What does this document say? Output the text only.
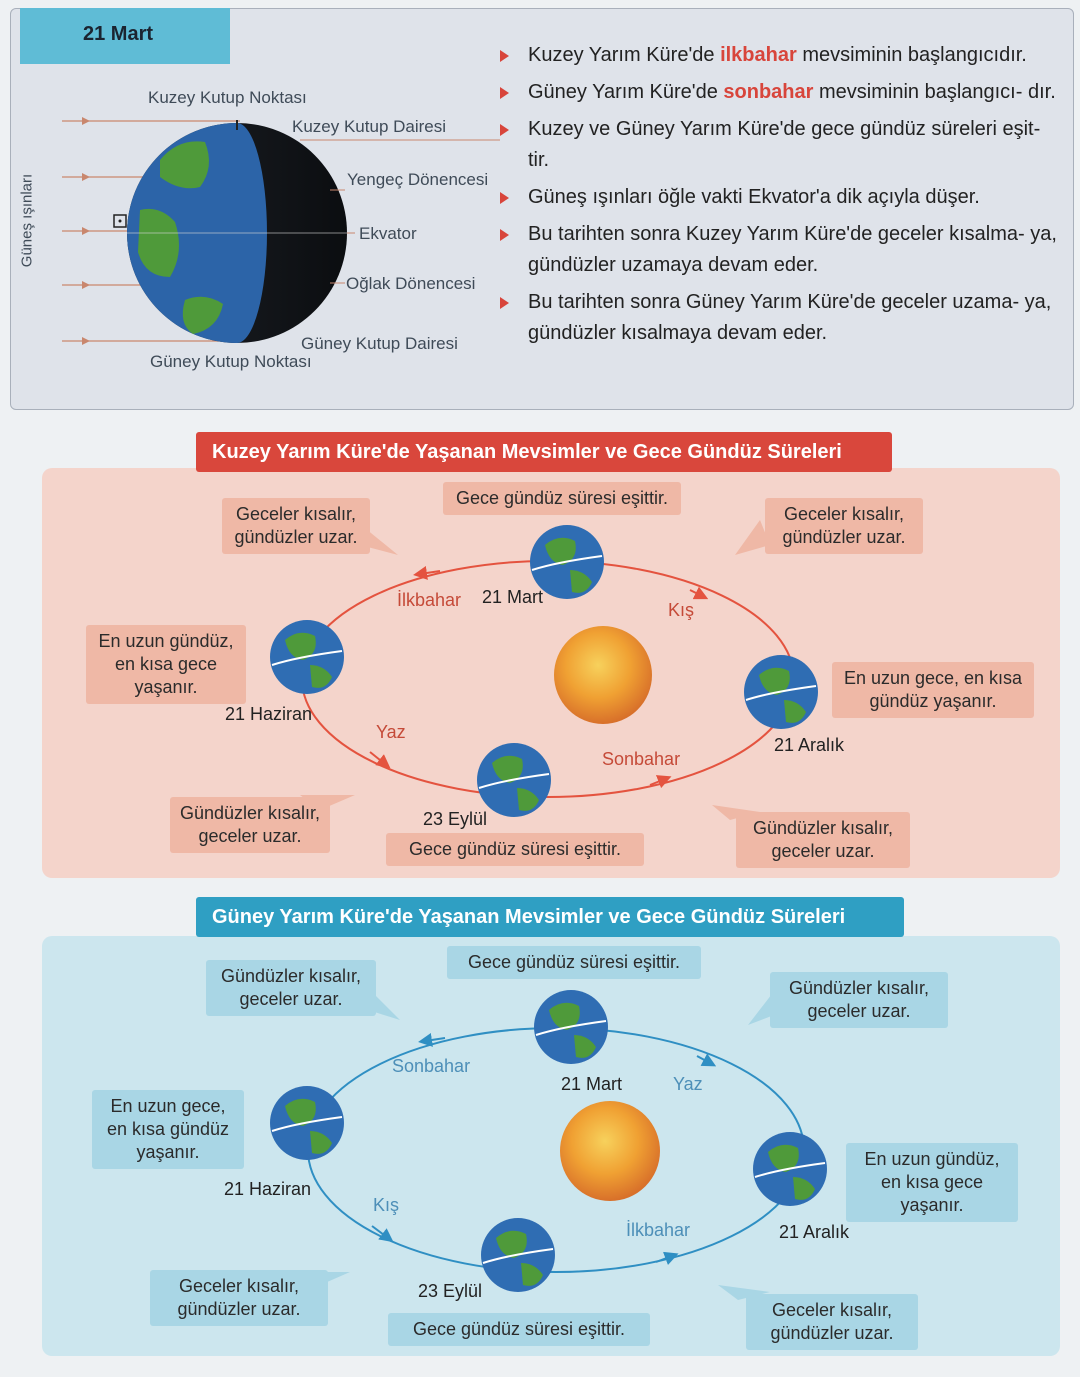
21 Mart
Güneş ışınları
Kuzey Kutup Noktası
Kuzey Kutup Dairesi
Yengeç Dönencesi
Ekvator
Oğlak Dönencesi
Güney Kutup Dairesi
Güney Kutup Noktası
Kuzey Yarım Küre'de ilkbahar mevsiminin başlangıcıdır.
Güney Yarım Küre'de sonbahar mevsiminin başlangıcı- dır.
Kuzey ve Güney Yarım Küre'de gece gündüz süreleri eşit- tir.
Güneş ışınları öğle vakti Ekvator'a dik açıyla düşer.
Bu tarihten sonra Kuzey Yarım Küre'de geceler kısalma- ya, gündüzler uzamaya devam eder.
Bu tarihten sonra Güney Yarım Küre'de geceler uzama- ya, gündüzler kısalmaya devam eder.
Kuzey Yarım Küre'de Yaşanan Mevsimler ve Gece Gündüz Süreleri
Gece gündüz süresi eşittir.
Geceler kısalır, gündüzler uzar.
Geceler kısalır, gündüzler uzar.
En uzun gündüz, en kısa gece yaşanır.	En uzun gece, en kısa gündüz yaşanır.
Gündüzler kısalır, geceler uzar.
Gece gündüz süresi eşittir.
Gündüzler kısalır, geceler uzar.
İlkbahar	Kış
Yaz
Sonbahar
21 Mart
21 Haziran
21 Aralık
23 Eylül
Güney Yarım Küre'de Yaşanan Mevsimler ve Gece Gündüz Süreleri
Gece gündüz süresi eşittir.
Gündüzler kısalır, geceler uzar.
Gündüzler kısalır, geceler uzar.
En uzun gece, en kısa gündüz yaşanır.	En uzun gündüz, en kısa gece yaşanır.
Geceler kısalır, gündüzler uzar.
Gece gündüz süresi eşittir.
Geceler kısalır, gündüzler uzar.
Sonbahar
Yaz
Kış
İlkbahar
21 Mart
21 Haziran
21 Aralık
23 Eylül
